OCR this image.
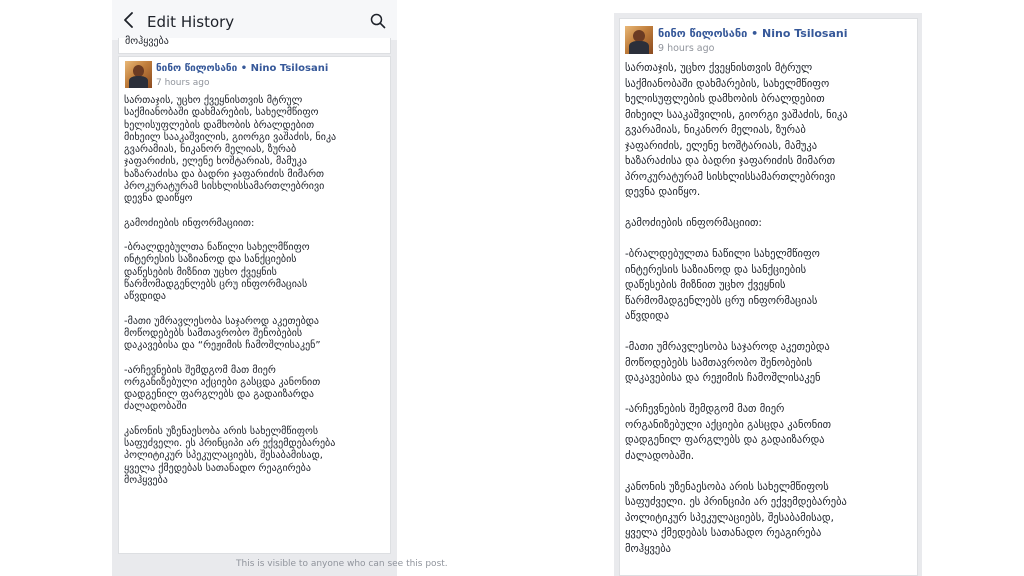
Edit History
მოჰყვება
This is visible to anyone who can see this post.
ნინო წილოსანი • Nino Tsilosani
7 hours ago
სართაჯის, უცხო ქვეყნისთვის მტრულ
საქმიანობაში დახმარების, სახელმწიფო
ხელისუფლების დამხობის ბრალდებით
მიხეილ სააკაშვილის, გიორგი ვაშაძის, ნიკა
გვარამიას, ნიკანორ მელიას, ზურაბ
ჯაფარიძის, ელენე ხოშტარიას, მამუკა
ხაზარაძისა და ბადრი ჯაფარიძის მიმართ
პროკურატურამ სისხლისსამართლებრივი
დევნა დაიწყო

გამოძიების ინფორმაციით:

-ბრალდებულთა ნაწილი სახელმწიფო
ინტერესის საზიანოდ და სანქციების
დაწესების მიზნით უცხო ქვეყნის
წარმომადგენლებს ცრუ ინფორმაციას
აწვდიდა

-მათი უმრავლესობა საჯაროდ აკეთებდა
მოწოდებებს სამთავრობო შენობების
დაკავებისა და “რეჟიმის ჩამოშლისაკენ”

-არჩევნების შემდგომ მათ მიერ
ორგანიზებული აქციები გასცდა კანონით
დადგენილ ფარგლებს და გადაიზარდა
ძალადობაში

კანონის უზენაესობა არის სახელმწიფოს
საფუძველი. ეს პრინციპი არ ექვემდებარება
პოლიტიკურ სპეკულაციებს, შესაბამისად,
ყველა ქმედებას სათანადო რეაგირება
მოჰყვება
ნინო წილოსანი • Nino Tsilosani
9 hours ago
სართაჯის, უცხო ქვეყნისთვის მტრულ
საქმიანობაში დახმარების, სახელმწიფო
ხელისუფლების დამხობის ბრალდებით
მიხეილ სააკაშვილის, გიორგი ვაშაძის, ნიკა
გვარამიას, ნიკანორ მელიას, ზურაბ
ჯაფარიძის, ელენე ხოშტარიას, მამუკა
ხაზარაძისა და ბადრი ჯაფარიძის მიმართ
პროკურატურამ სისხლისსამართლებრივი
დევნა დაიწყო.

გამოძიების ინფორმაციით:

-ბრალდებულთა ნაწილი სახელმწიფო
ინტერესის საზიანოდ და სანქციების
დაწესების მიზნით უცხო ქვეყნის
წარმომადგენლებს ცრუ ინფორმაციას
აწვდიდა

-მათი უმრავლესობა საჯაროდ აკეთებდა
მოწოდებებს სამთავრობო შენობების
დაკავებისა და რეჟიმის ჩამოშლისაკენ

-არჩევნების შემდგომ მათ მიერ
ორგანიზებული აქციები გასცდა კანონით
დადგენილ ფარგლებს და გადაიზარდა
ძალადობაში.

კანონის უზენაესობა არის სახელმწიფოს
საფუძველი. ეს პრინციპი არ ექვემდებარება
პოლიტიკურ სპეკულაციებს, შესაბამისად,
ყველა ქმედებას სათანადო რეაგირება
მოჰყვება
